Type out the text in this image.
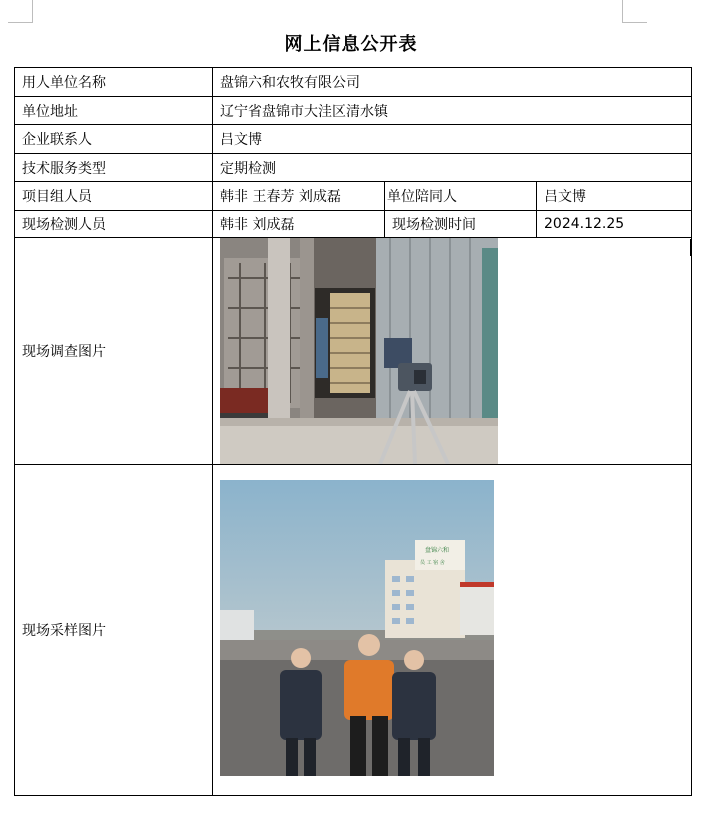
网上信息公开表
用人单位名称	盘锦六和农牧有限公司		
单位地址	辽宁省盘锦市大洼区清水镇		
企业联系人	吕文博		
技术服务类型	定期检测		
项目组人员	韩非 王春芳 刘成磊	单位陪同人	吕文博
现场检测人员	韩非 刘成磊	现场检测时间	2024.12.25
现场调查图片	

现场采样图片	盘锦六和
员 工 宿 舍		
